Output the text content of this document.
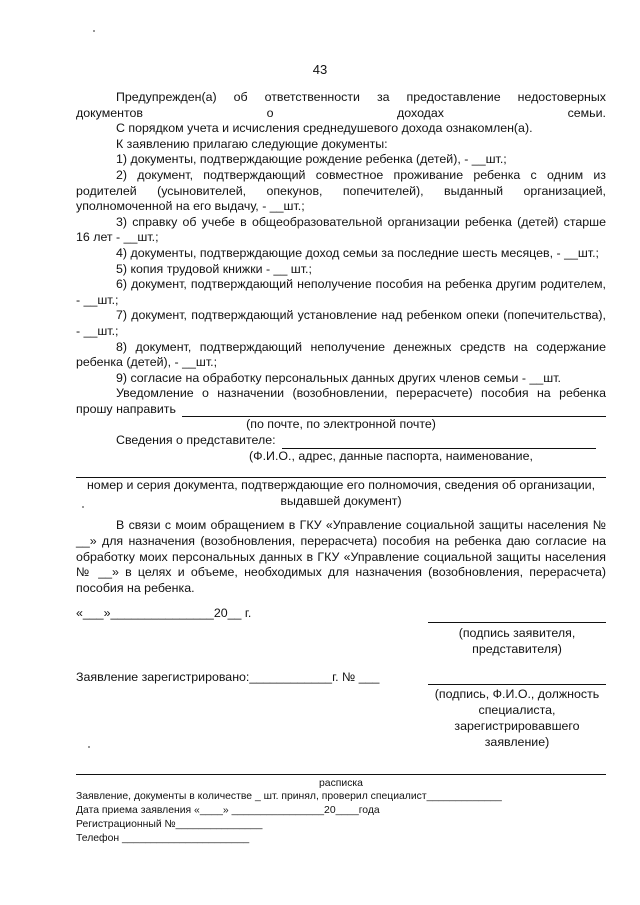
43

Предупрежден(а) об ответственности за предоставление недостоверных документов о доходах семьи.

С порядком учета и исчисления среднедушевого дохода ознакомлен(а).

К заявлению прилагаю следующие документы:

1) документы, подтверждающие рождение ребенка (детей), - __шт.;

2) документ, подтверждающий совместное проживание ребенка с одним из родителей (усыновителей, опекунов, попечителей), выданный организацией, уполномоченной на его выдачу, - __шт.;

3) справку об учебе в общеобразовательной организации ребенка (детей) старше 16 лет - __шт.;

4) документы, подтверждающие доход семьи за последние шесть месяцев, - __шт.;

5) копия трудовой книжки - __ шт.;

6) документ, подтверждающий неполучение пособия на ребенка другим родителем, - __шт.;

7) документ, подтверждающий установление над ребенком опеки (попечительства), - __шт.;

8) документ, подтверждающий неполучение денежных средств на содержание ребенка (детей), - __шт.;

9) согласие на обработку персональных данных других членов семьи - __шт.

Уведомление о назначении (возобновлении, перерасчете) пособия на ребенка

прошу направить

(по почте, по электронной почте)

Сведения о представителе:

(Ф.И.О., адрес, данные паспорта, наименование,

номер и серия документа, подтверждающие его полномочия, сведения об организации, выдавшей документ)

В связи с моим обращением в ГКУ «Управление социальной защиты населения № __» для назначения (возобновления, перерасчета) пособия на ребенка даю согласие на обработку моих персональных данных в ГКУ «Управление социальной защиты населения № __» в целях и объеме, необходимых для назначения (возобновления, перерасчета) пособия на ребенка.

«___»_______________20__ г.
(подпись заявителя,
представителя)
Заявление зарегистрировано:____________г. № ___
(подпись, Ф.И.О., должность
специалиста,
зарегистрировавшего
заявление)
расписка
Заявление, документы в количестве _ шт. принял, проверил специалист_____________
Дата приема заявления «____» ________________20____года
Регистрационный №_______________
Телефон ______________________
